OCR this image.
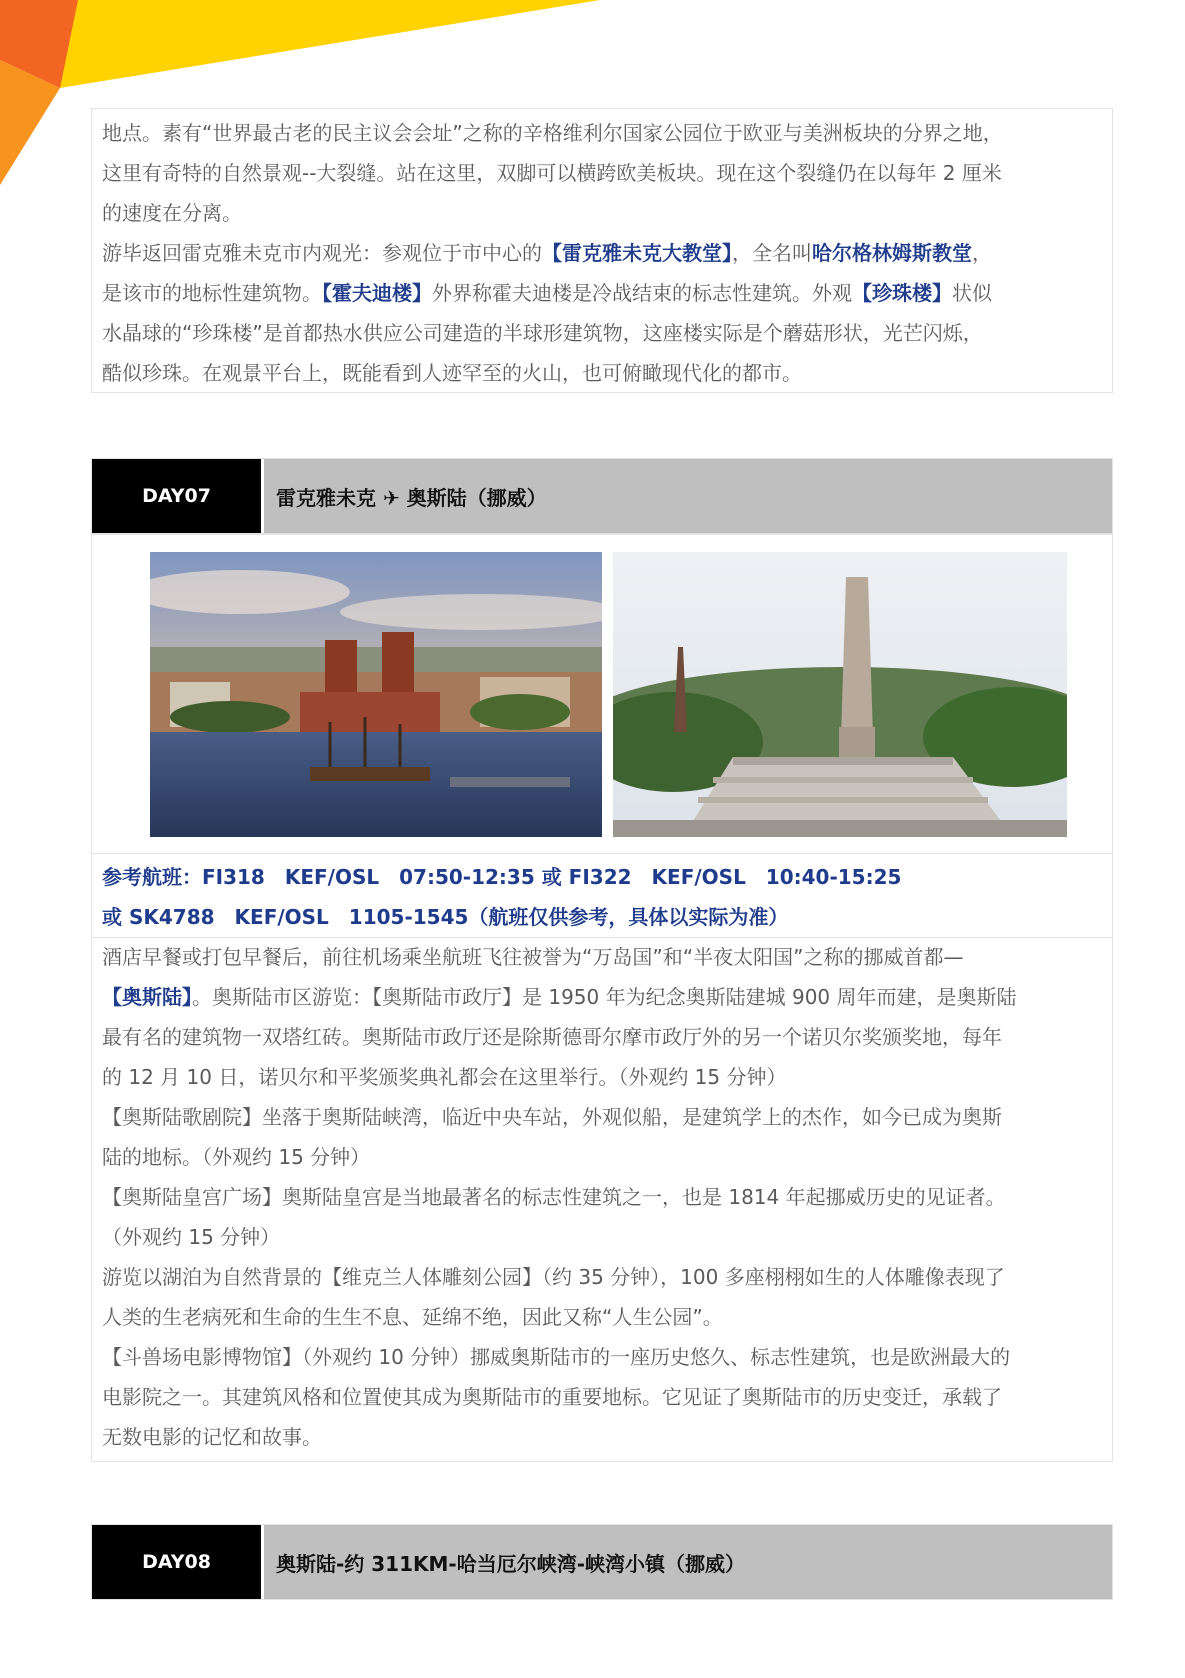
地点。素有“世界最古老的民主议会会址”之称的辛格维利尔国家公园位于欧亚与美洲板块的分界之地，

这里有奇特的自然景观--大裂缝。站在这里，双脚可以横跨欧美板块。现在这个裂缝仍在以每年 2 厘米

的速度在分离。

游毕返回雷克雅未克市内观光：参观位于市中心的【雷克雅未克大教堂】，全名叫哈尔格林姆斯教堂，

是该市的地标性建筑物。【霍夫迪楼】外界称霍夫迪楼是冷战结束的标志性建筑。外观【珍珠楼】状似

水晶球的“珍珠楼”是首都热水供应公司建造的半球形建筑物，这座楼实际是个蘑菇形状，光芒闪烁，

酷似珍珠。在观景平台上，既能看到人迹罕至的火山，也可俯瞰现代化的都市。

DAY07	雷克雅未克 ✈ 奥斯陆（挪威）

参考航班：FI318　KEF/OSL　07:50-12:35 或 FI322　KEF/OSL　10:40-15:25

或 SK4788　KEF/OSL　1105-1545（航班仅供参考，具体以实际为准）

酒店早餐或打包早餐后，前往机场乘坐航班飞往被誉为“万岛国”和“半夜太阳国”之称的挪威首都—

【奥斯陆】。奥斯陆市区游览：【奥斯陆市政厅】是 1950 年为纪念奥斯陆建城 900 周年而建，是奥斯陆

最有名的建筑物一双塔红砖。奥斯陆市政厅还是除斯德哥尔摩市政厅外的另一个诺贝尔奖颁奖地，每年

的 12 月 10 日，诺贝尔和平奖颁奖典礼都会在这里举行。（外观约 15 分钟）

【奥斯陆歌剧院】坐落于奥斯陆峡湾，临近中央车站，外观似船，是建筑学上的杰作，如今已成为奥斯

陆的地标。（外观约 15 分钟）

【奥斯陆皇宫广场】奥斯陆皇宫是当地最著名的标志性建筑之一，也是 1814 年起挪威历史的见证者。

（外观约 15 分钟）

游览以湖泊为自然背景的【维克兰人体雕刻公园】（约 35 分钟），100 多座栩栩如生的人体雕像表现了

人类的生老病死和生命的生生不息、延绵不绝，因此又称“人生公园”。

【斗兽场电影博物馆】（外观约 10 分钟）挪威奥斯陆市的一座历史悠久、标志性建筑，也是欧洲最大的

电影院之一。其建筑风格和位置使其成为奥斯陆市的重要地标。它见证了奥斯陆市的历史变迁，承载了

无数电影的记忆和故事。

DAY08	奥斯陆-约 311KM-哈当厄尔峡湾-峡湾小镇（挪威）
